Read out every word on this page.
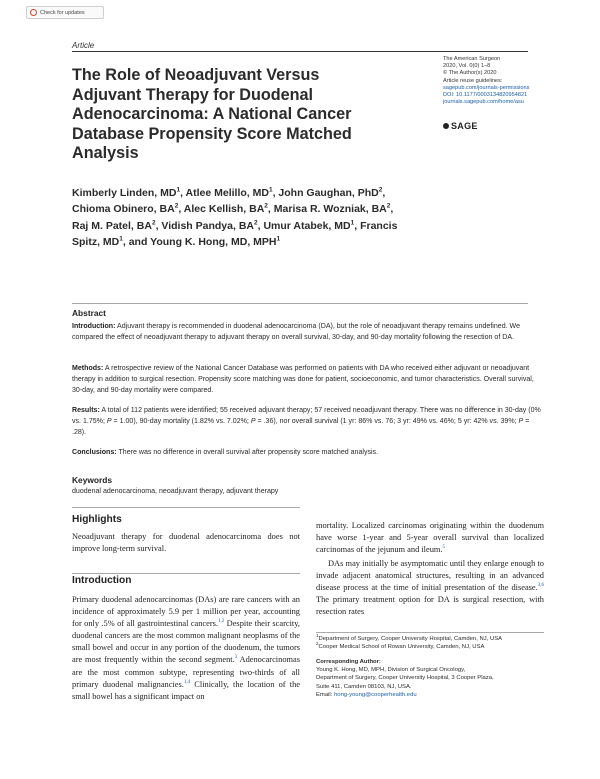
Check for updates
Article
The Role of Neoadjuvant Versus Adjuvant Therapy for Duodenal Adenocarcinoma: A National Cancer Database Propensity Score Matched Analysis
The American Surgeon
2020, Vol. 0(0) 1–8
© The Author(s) 2020
Article reuse guidelines:
sagepub.com/journals-permissions
DOI: 10.1177/0003134820954821
journals.sagepub.com/home/asu
SAGE
Kimberly Linden, $MD^1$, Atlee Melillo, $MD^1$, John Gaughan, PhD$^2$, Chioma Obinero, $BA^2$, Alec Kellish, $BA^2$, Marisa R. Wozniak, $BA^2$, Raj M. Patel, $BA^2$, Vidish Pandya, $BA^2$, Umur Atabek, $MD^1$, Francis Spitz, $MD^1$, and Young K. Hong, MD, MPH$^1$
Abstract

Introduction: Adjuvant therapy is recommended in duodenal adenocarcinoma (DA), but the role of neoadjuvant therapy remains undefined. We compared the effect of neoadjuvant therapy to adjuvant therapy on overall survival, 30-day, and 90-day mortality following the resection of DA.

Methods: A retrospective review of the National Cancer Database was performed on patients with DA who received either adjuvant or neoadjuvant therapy in addition to surgical resection. Propensity score matching was done for patient, socioeconomic, and tumor characteristics. Overall survival, 30-day, and 90-day mortality were compared.

Results: A total of 112 patients were identified; 55 received adjuvant therapy; 57 received neoadjuvant therapy. There was no difference in 30-day (0% vs. 1.75%; P = 1.00), 90-day mortality (1.82% vs. 7.02%; P = .36), nor overall survival (1 yr: 86% vs. 76; 3 yr: 49% vs. 46%; 5 yr: 42% vs. 39%; P = .28).

Conclusions: There was no difference in overall survival after propensity score matched analysis.

Keywords

duodenal adenocarcinoma, neoadjuvant therapy, adjuvant therapy

Highlights

Neoadjuvant therapy for duodenal adenocarcinoma does not improve long-term survival.

Introduction

Primary duodenal adenocarcinomas (DAs) are rare cancers with an incidence of approximately 5.9 per 1 million per year, accounting for only .5% of all gastrointestinal cancers.$^{1,2}$ Despite their scarcity, duodenal cancers are the most common malignant neoplasms of the small bowel and occur in any portion of the duodenum, the tumors are most frequently within the second segment.$^3$ Adenocarcinomas are the most common subtype, representing two-thirds of all primary duodenal malignancies.$^{1,4}$ Clinically, the location of the small bowel has a significant impact on

mortality. Localized carcinomas originating within the duodenum have worse 1-year and 5-year overall survival than localized carcinomas of the jejunum and ileum.$^5$

DAs may initially be asymptomatic until they enlarge enough to invade adjacent anatomical structures, resulting in an advanced disease process at the time of initial presentation of the disease.$^{3,6}$ The primary treatment option for DA is surgical resection, with resection rates

$^1$Department of Surgery, Cooper University Hospital, Camden, NJ, USA
$^2$Cooper Medical School of Rowan University, Camden, NJ, USA
Corresponding Author:
Young K. Hong, MD, MPH, Division of Surgical Oncology,
Department of Surgery, Cooper University Hospital, 3 Cooper Plaza,
Suite 411, Camden 08103, NJ, USA.
Email: hong-young@cooperhealth.edu
